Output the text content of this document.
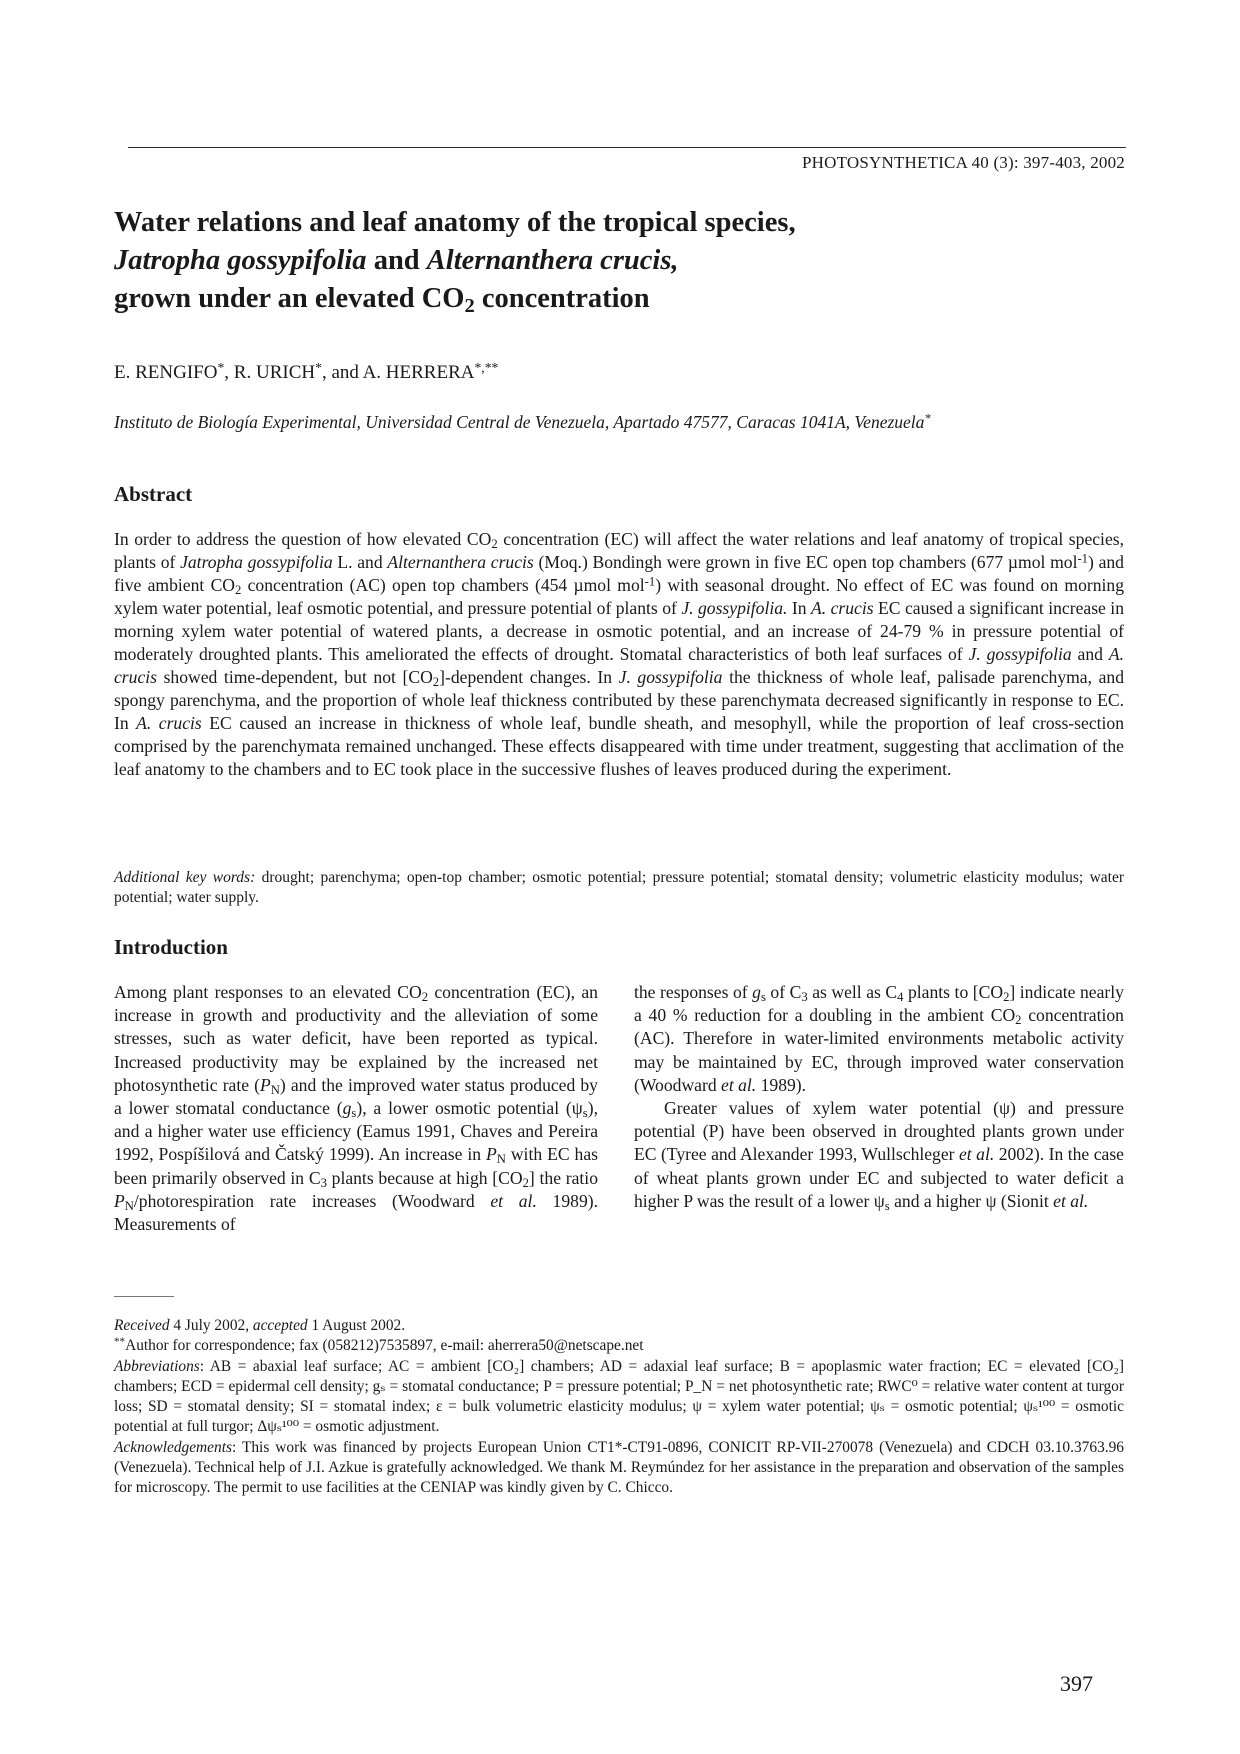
PHOTOSYNTHETICA 40 (3): 397-403, 2002
Water relations and leaf anatomy of the tropical species,
Jatropha gossypifolia and Alternanthera crucis,
grown under an elevated $CO_2$ concentration
E. RENGIFO*, R. URICH*, and A. HERRERA*,**
Instituto de Biología Experimental, Universidad Central de Venezuela, Apartado 47577, Caracas 1041A, Venezuela*
Abstract
In order to address the question of how elevated $CO_2$ concentration (EC) will affect the water relations and leaf anatomy of tropical species, plants of Jatropha gossypifolia L. and Alternanthera crucis (Moq.) Bondingh were grown in five EC open top chambers (677 µmol mol$^{-1}$) and five ambient $CO_2$ concentration (AC) open top chambers (454 µmol mol$^{-1}$) with seasonal drought. No effect of EC was found on morning xylem water potential, leaf osmotic potential, and pressure potential of plants of J. gossypifolia. In A. crucis EC caused a significant increase in morning xylem water potential of watered plants, a decrease in osmotic potential, and an increase of 24-79 % in pressure potential of moderately droughted plants. This ameliorated the effects of drought. Stomatal characteristics of both leaf surfaces of J. gossypifolia and A. crucis showed time-dependent, but not $[CO_2]$-dependent changes. In J. gossypifolia the thickness of whole leaf, palisade parenchyma, and spongy parenchyma, and the proportion of whole leaf thickness contributed by these parenchymata decreased significantly in response to EC. In A. crucis EC caused an increase in thickness of whole leaf, bundle sheath, and mesophyll, while the proportion of leaf cross-section comprised by the parenchymata remained unchanged. These effects disappeared with time under treatment, suggesting that acclimation of the leaf anatomy to the chambers and to EC took place in the successive flushes of leaves produced during the experiment.
Additional key words: drought; parenchyma; open-top chamber; osmotic potential; pressure potential; stomatal density; volumetric elasticity modulus; water potential; water supply.
Introduction
Among plant responses to an elevated $CO_2$ concentration (EC), an increase in growth and productivity and the alleviation of some stresses, such as water deficit, have been reported as typical. Increased productivity may be explained by the increased net photosynthetic rate $(P_N)$ and the improved water status produced by a lower stomatal conductance $(g_s)$, a lower osmotic potential $(\psi_s)$, and a higher water use efficiency (Eamus 1991, Chaves and Pereira 1992, Pospíšilová and Čatský 1999). An increase in $P_N$ with EC has been primarily observed in $C_3$ plants because at high $[CO_2]$ the ratio $P_N$/photorespiration rate increases (Woodward et al. 1989). Measurements of
the responses of $g_s$ of $C_3$ as well as $C_4$ plants to $[CO_2]$ indicate nearly a 40 % reduction for a doubling in the ambient $CO_2$ concentration (AC). Therefore in water-limited environments metabolic activity may be maintained by EC, through improved water conservation (Woodward et al. 1989).
Greater values of xylem water potential (ψ) and pressure potential (P) have been observed in droughted plants grown under EC (Tyree and Alexander 1993, Wullschleger et al. 2002). In the case of wheat plants grown under EC and subjected to water deficit a higher P was the result of a lower $\psi_s$ and a higher ψ (Sionit et al.
Received 4 July 2002, accepted 1 August 2002.
**Author for correspondence; fax (058212)7535897, e-mail: aherrera50@netscape.net
Abbreviations: AB = abaxial leaf surface; AC = ambient [CO₂] chambers; AD = adaxial leaf surface; B = apoplasmic water fraction; EC = elevated [CO₂] chambers; ECD = epidermal cell density; gₛ = stomatal conductance; P = pressure potential; P_N = net photosynthetic rate; RWC⁰ = relative water content at turgor loss; SD = stomatal density; SI = stomatal index; ε = bulk volumetric elasticity modulus; ψ = xylem water potential; ψₛ = osmotic potential; ψₛ¹⁰⁰ = osmotic potential at full turgor; Δψₛ¹⁰⁰ = osmotic adjustment.
Acknowledgements: This work was financed by projects European Union CT1*-CT91-0896, CONICIT RP-VII-270078 (Venezuela) and CDCH 03.10.3763.96 (Venezuela). Technical help of J.I. Azkue is gratefully acknowledged. We thank M. Reymúndez for her assistance in the preparation and observation of the samples for microscopy. The permit to use facilities at the CENIAP was kindly given by C. Chicco.
397
